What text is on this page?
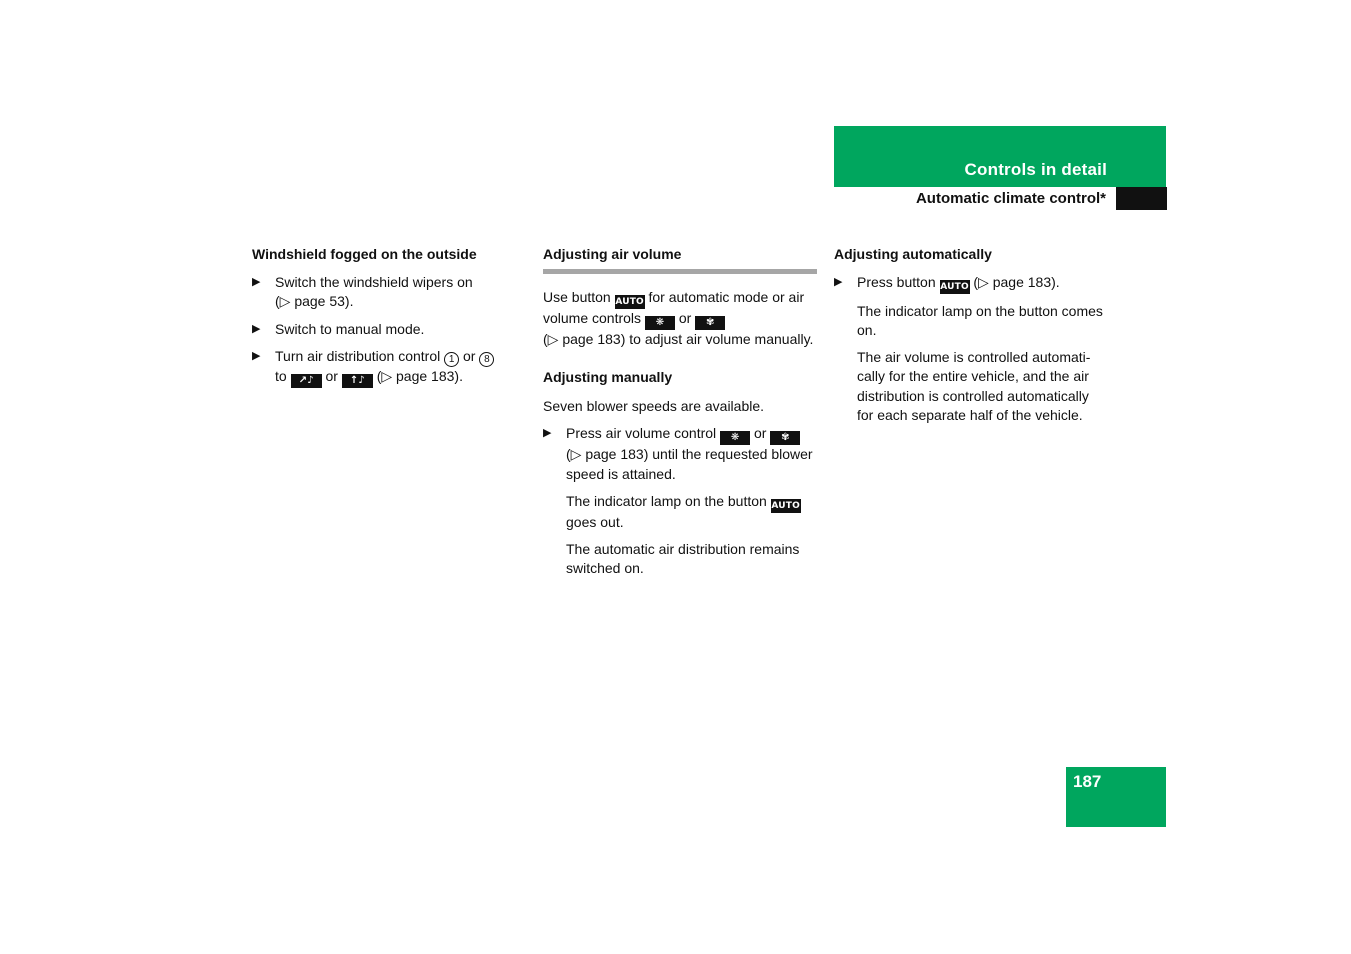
Controls in detail
Automatic climate control*
Windshield fogged on the outside
▶ Switch the windshield wipers on
(▷ page 53).
▶ Switch to manual mode.
▶ Turn air distribution control 1 or 8
to ↗♪ or ↑♪ (▷ page 183).
Adjusting air volume

Use button AUTO for automatic mode or air volume controls ❋ or ✾
(▷ page 183) to adjust air volume manually.

Adjusting manually

Seven blower speeds are available.

▶ Press air volume control ❋ or ✾
(▷ page 183) until the requested blower speed is attained.

The indicator lamp on the button AUTO
goes out.

The automatic air distribution remains switched on.

Adjusting automatically
▶ Press button AUTO (▷ page 183).

The indicator lamp on the button comes on.

The air volume is controlled automati-cally for the entire vehicle, and the air distribution is controlled automatically for each separate half of the vehicle.

187
